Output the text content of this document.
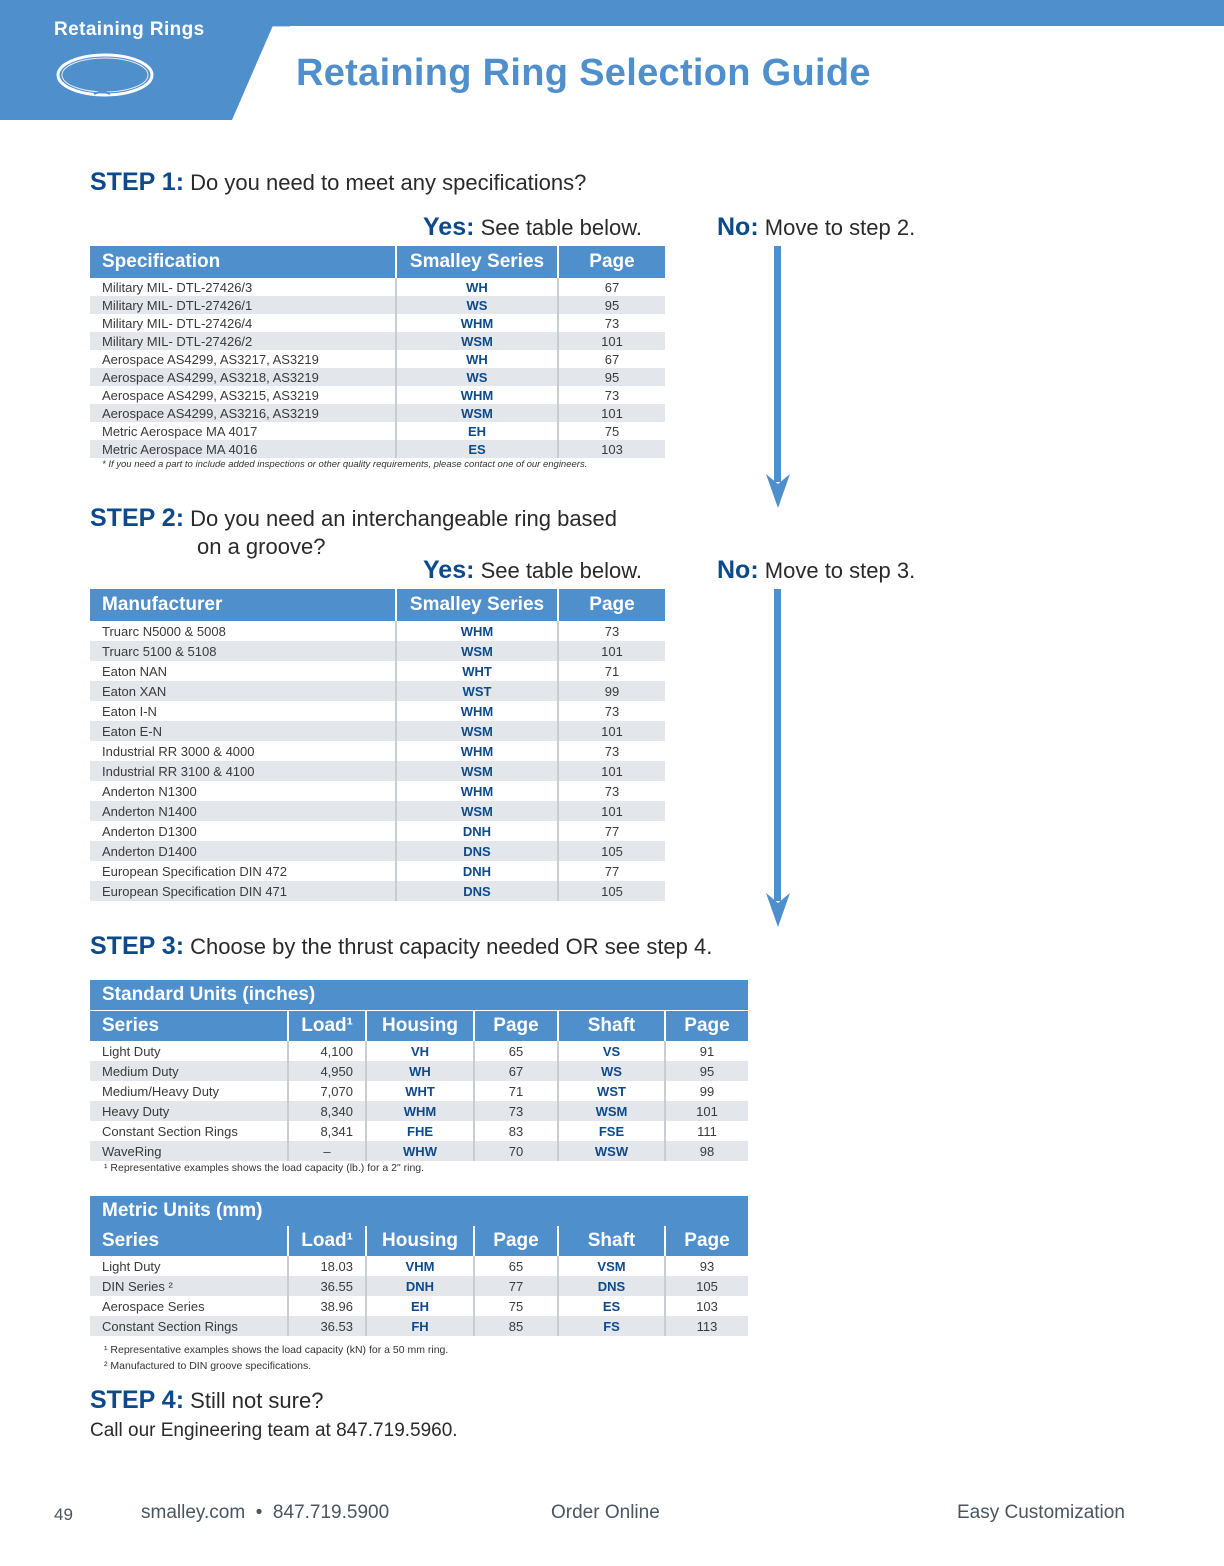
Retaining Rings
Retaining Ring Selection Guide
STEP 1: Do you need to meet any specifications?
Yes: See table below.	No: Move to step 2.
Specification	Smalley Series	Page
Military MIL- DTL-27426/3	WH	67
Military MIL- DTL-27426/1	WS	95
Military MIL- DTL-27426/4	WHM	73
Military MIL- DTL-27426/2	WSM	101
Aerospace AS4299, AS3217, AS3219	WH	67
Aerospace AS4299, AS3218, AS3219	WS	95
Aerospace AS4299, AS3215, AS3219	WHM	73
Aerospace AS4299, AS3216, AS3219	WSM	101
Metric Aerospace MA 4017	EH	75
Metric Aerospace MA 4016	ES	103
* If you need a part to include added inspections or other quality requirements, please contact one of our engineers.
STEP 2: Do you need an interchangeable ring based
on a groove?
Yes: See table below.	No: Move to step 3.
Manufacturer	Smalley Series	Page
Truarc N5000 & 5008	WHM	73
Truarc 5100 & 5108	WSM	101
Eaton NAN	WHT	71
Eaton XAN	WST	99
Eaton I-N	WHM	73
Eaton E-N	WSM	101
Industrial RR 3000 & 4000	WHM	73
Industrial RR 3100 & 4100	WSM	101
Anderton N1300	WHM	73
Anderton N1400	WSM	101
Anderton D1300	DNH	77
Anderton D1400	DNS	105
European Specification DIN 472	DNH	77
European Specification DIN 471	DNS	105
STEP 3: Choose by the thrust capacity needed OR see step 4.
Standard Units (inches)
Series	Load¹	Housing	Page	Shaft	Page
Light Duty	4,100	VH	65	VS	91
Medium Duty	4,950	WH	67	WS	95
Medium/Heavy Duty	7,070	WHT	71	WST	99
Heavy Duty	8,340	WHM	73	WSM	101
Constant Section Rings	8,341	FHE	83	FSE	111
WaveRing	–	WHW	70	WSW	98
¹ Representative examples shows the load capacity (lb.) for a 2" ring.
Metric Units (mm)
Series	Load¹	Housing	Page	Shaft	Page
Light Duty	18.03	VHM	65	VSM	93
DIN Series ²	36.55	DNH	77	DNS	105
Aerospace Series	38.96	EH	75	ES	103
Constant Section Rings	36.53	FH	85	FS	113
¹ Representative examples shows the load capacity (kN) for a 50 mm ring.
² Manufactured to DIN groove specifications.
STEP 4: Still not sure?
Call our Engineering team at 847.719.5960.
49	smalley.com  •  847.719.5900	Order Online	Easy Customization
